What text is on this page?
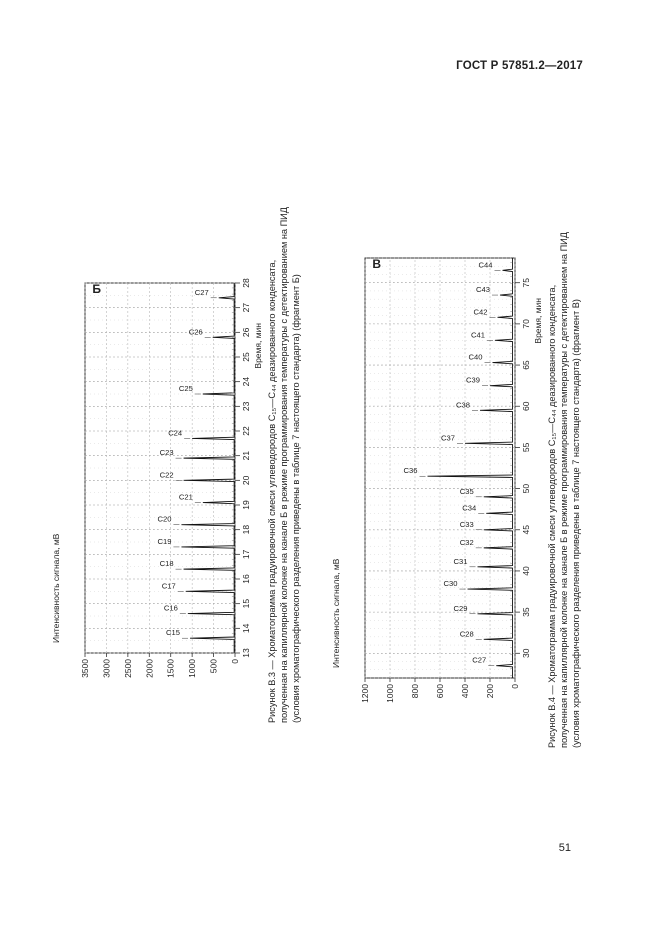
ГОСТ Р 57851.2—2017
51
13
14
15
16
17
18
19
20
21
22
23
24
25
26
27
28
0
500
1000
1500
2000
2500
3000
3500
C15
C16
C17
C18
C19
C20
C21
C22
C23
C24
C25
C26
C27
Б
Время, мин
Интенсивность сигнала, мВ	Рисунок В.3 — Хроматограмма градуировочной смеси углеводородов C₁₅—C₄₄ деазированного конденсата, полученная на капиллярной колонке на канале Б в режиме программирования температуры с детектированием на ПИД (условия хроматографического разделения приведены в таблице 7 настоящего стандарта) (фрагмент Б)	30
35
40
45
50
55
60
65
70
75
0
200
400
600
800
1000
1200
C27
C28
C29
C30
C31
C32
C33
C34
C35
C36
C37
C38
C39
C40
C41
C42
C43
C44
В
Время, мин
Интенсивность сигнала, мВ	Рисунок В.4 — Хроматограмма градуировочной смеси углеводородов C₁₅—C₄₄ деазированного конденсата, полученная на капиллярной колонке на канале Б в режиме программирования температуры с детектированием на ПИД (условия хроматографического разделения приведены в таблице 7 настоящего стандарта) (фрагмент В)
